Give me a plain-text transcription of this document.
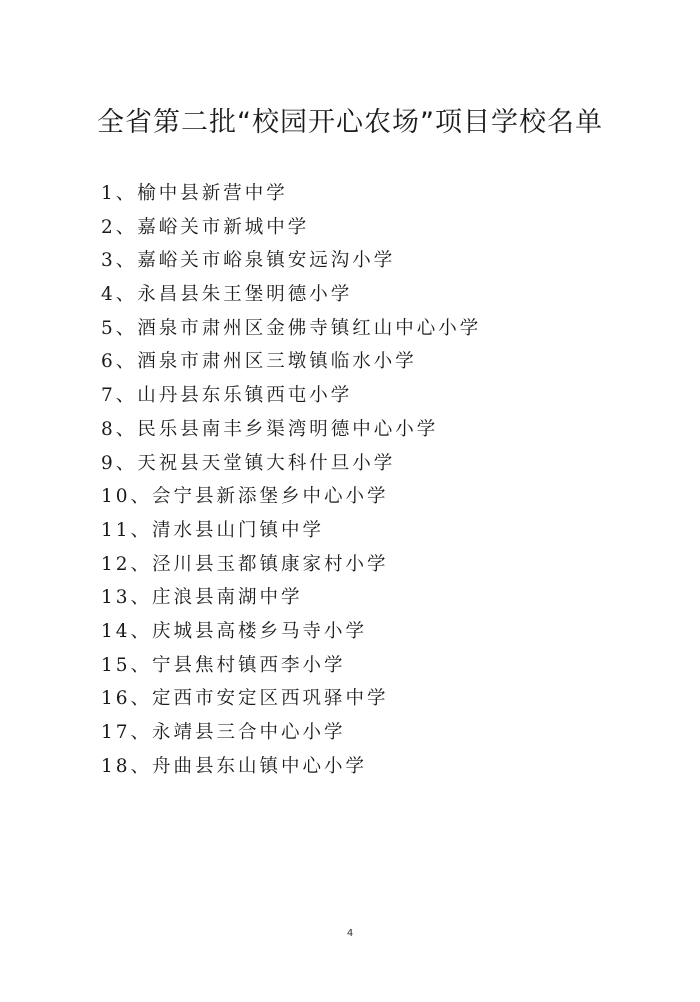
全省第二批“校园开心农场”项目学校名单
1、榆中县新营中学
2、嘉峪关市新城中学
3、嘉峪关市峪泉镇安远沟小学
4、永昌县朱王堡明德小学
5、酒泉市肃州区金佛寺镇红山中心小学
6、酒泉市肃州区三墩镇临水小学
7、山丹县东乐镇西屯小学
8、民乐县南丰乡渠湾明德中心小学
9、天祝县天堂镇大科什旦小学
10、会宁县新添堡乡中心小学
11、清水县山门镇中学
12、泾川县玉都镇康家村小学
13、庄浪县南湖中学
14、庆城县高楼乡马寺小学
15、宁县焦村镇西李小学
16、定西市安定区西巩驿中学
17、永靖县三合中心小学
18、舟曲县东山镇中心小学
4
